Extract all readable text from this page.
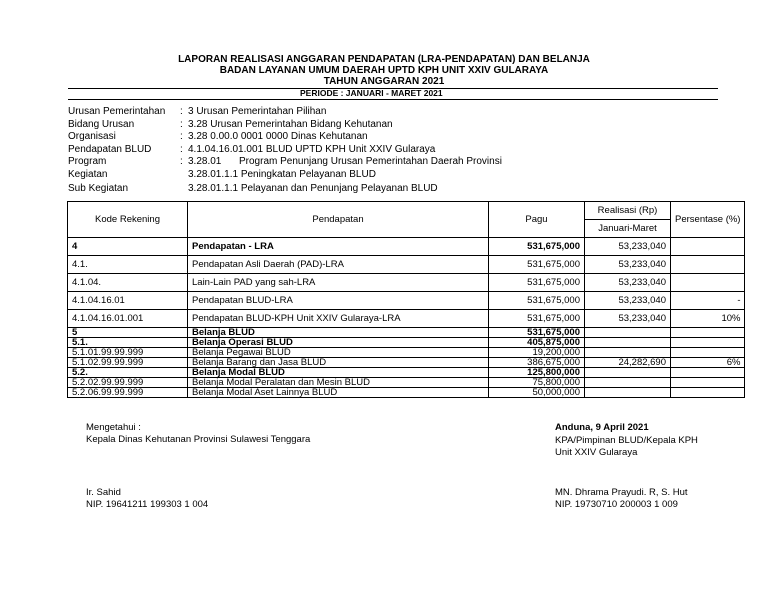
LAPORAN REALISASI ANGGARAN PENDAPATAN (LRA-PENDAPATAN) DAN BELANJA
BADAN LAYANAN UMUM DAERAH UPTD KPH UNIT XXIV GULARAYA
TAHUN ANGGARAN 2021
PERIODE : JANUARI - MARET 2021
Urusan Pemerintahan : 3 Urusan Pemerintahan Pilihan
Bidang Urusan	: 3.28 Urusan Pemerintahan Bidang Kehutanan
Organisasi	: 3.28 0.00.0 0001 0000 Dinas Kehutanan
Pendapatan BLUD	: 4.1.04.16.01.001 BLUD UPTD KPH Unit XXIV Gularaya
Program	: 3.28.01 Program Penunjang Urusan Pemerintahan Daerah Provinsi
Kegiatan	3.28.01.1.1 Peningkatan Pelayanan BLUD
Sub Kegiatan	3.28.01.1.1 Pelayanan dan Penunjang Pelayanan BLUD
Kode Rekening	Pendapatan	Pagu	Realisasi (Rp)
Januari-Maret	Persentase (%)
4	Pendapatan - LRA	531,675,000	53,233,040	
4.1.	Pendapatan Asli Daerah (PAD)-LRA	531,675,000	53,233,040	
4.1.04.	Lain-Lain PAD yang sah-LRA	531,675,000	53,233,040	
4.1.04.16.01	Pendapatan BLUD-LRA	531,675,000	53,233,040	-
4.1.04.16.01.001	Pendapatan BLUD-KPH Unit XXIV Gularaya-LRA	531,675,000	53,233,040	10%
5	Belanja BLUD	531,675,000		
5.1.	Belanja Operasi BLUD	405,875,000		
5.1.01.99.99.999	Belanja Pegawai BLUD	19,200,000		
5.1.02.99.99.999	Belanja Barang dan Jasa BLUD	386,675,000	24,282,690	6%
5.2.	Belanja Modal BLUD	125,800,000		
5.2.02.99.99.999	Belanja Modal Peralatan dan Mesin BLUD	75,800,000		
5.2.06.99.99.999	Belanja Modal Aset Lainnya BLUD	50,000,000		
Mengetahui :
Kepala Dinas Kehutanan Provinsi Sulawesi Tenggara
Ir. Sahid
NIP. 19641211 199303 1 004
Anduna, 9 April 2021
KPA/Pimpinan BLUD/Kepala KPH
Unit XXIV Gularaya
MN. Dhrama Prayudi. R, S. Hut
NIP. 19730710 200003 1 009
